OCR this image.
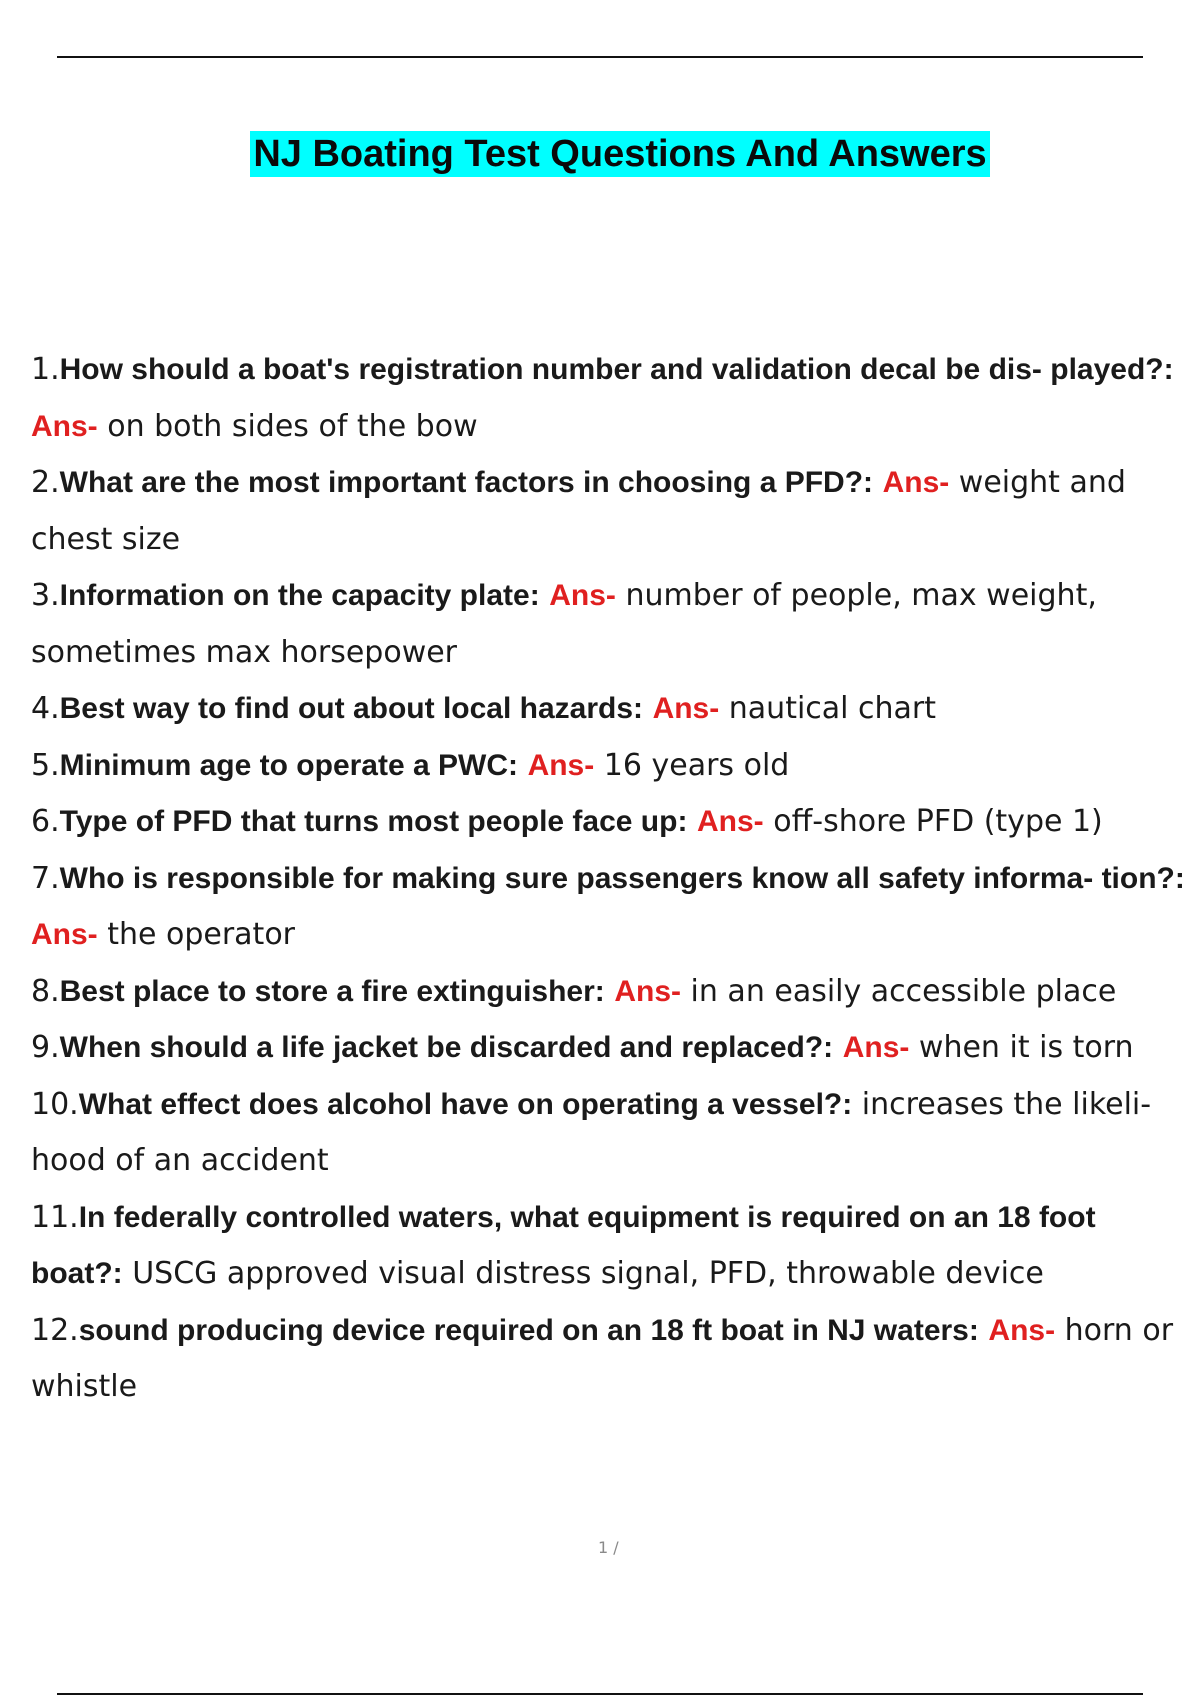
NJ Boating Test Questions And Answers
1.How should a boat's registration number and validation decal be dis- played?: Ans- on both sides of the bow
2.What are the most important factors in choosing a PFD?: Ans- weight and chest size
3.Information on the capacity plate: Ans- number of people, max weight, sometimes max horsepower
4.Best way to find out about local hazards: Ans- nautical chart
5.Minimum age to operate a PWC: Ans- 16 years old
6.Type of PFD that turns most people face up: Ans- off-shore PFD (type 1)
7.Who is responsible for making sure passengers know all safety informa- tion?: Ans- the operator
8.Best place to store a fire extinguisher: Ans- in an easily accessible place
9.When should a life jacket be discarded and replaced?: Ans- when it is torn
10.What effect does alcohol have on operating a vessel?: increases the likeli- hood of an accident
11.In federally controlled waters, what equipment is required on an 18 foot boat?: USCG approved visual distress signal, PFD, throwable device
12.sound producing device required on an 18 ft boat in NJ waters: Ans- horn or whistle
1 /
